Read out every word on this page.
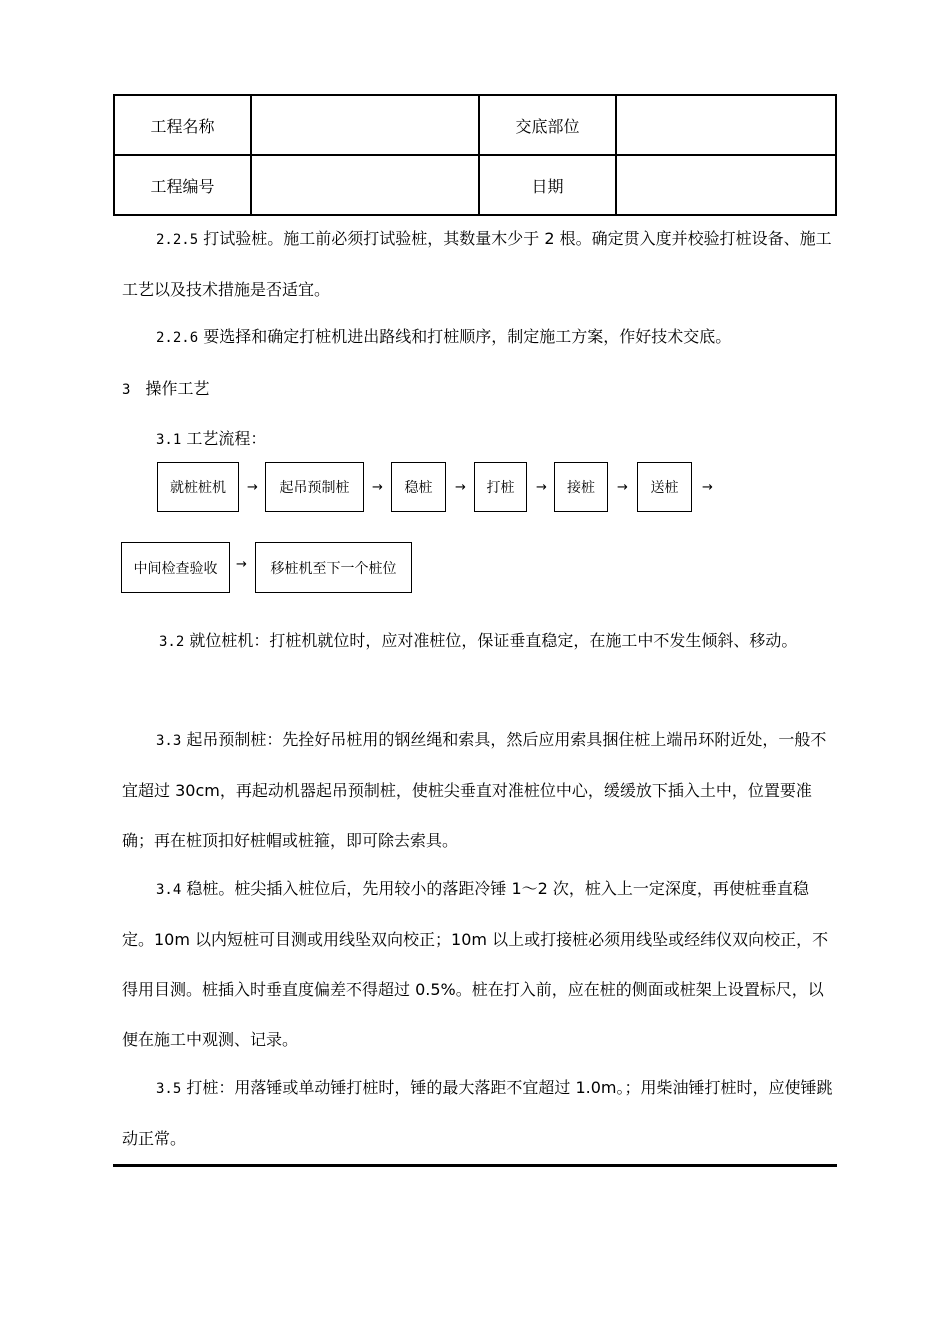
工程名称		交底部位	
工程编号		日期	

2.2.5 打试验桩。施工前必须打试验桩，其数量木少于 2 根。确定贯入度并校验打桩设备、施工工艺以及技术措施是否适宜。

2.2.6 要选择和确定打桩机进出路线和打桩顺序，制定施工方案，作好技术交底。

3 操作工艺
3.1 工艺流程：
就桩桩机	→	起吊预制桩	→	稳桩	→	打桩	→	接桩	→	送桩	→
中间检查验收	→	移桩机至下一个桩位

3.2 就位桩机：打桩机就位时，应对准桩位，保证垂直稳定，在施工中不发生倾斜、移动。

3.3 起吊预制桩：先拴好吊桩用的钢丝绳和索具，然后应用索具捆住桩上端吊环附近处，一般不宜超过 30cm，再起动机器起吊预制桩，使桩尖垂直对准桩位中心，缓缓放下插入土中，位置要准确；再在桩顶扣好桩帽或桩箍，即可除去索具。

3.4 稳桩。桩尖插入桩位后，先用较小的落距冷锤 1～2 次，桩入上一定深度，再使桩垂直稳定。10m 以内短桩可目测或用线坠双向校正；10m 以上或打接桩必须用线坠或经纬仪双向校正，不得用目测。桩插入时垂直度偏差不得超过 0.5%。桩在打入前，应在桩的侧面或桩架上设置标尺，以便在施工中观测、记录。

3.5 打桩：用落锤或单动锤打桩时，锤的最大落距不宜超过 1.0m。；用柴油锤打桩时，应使锤跳动正常。
